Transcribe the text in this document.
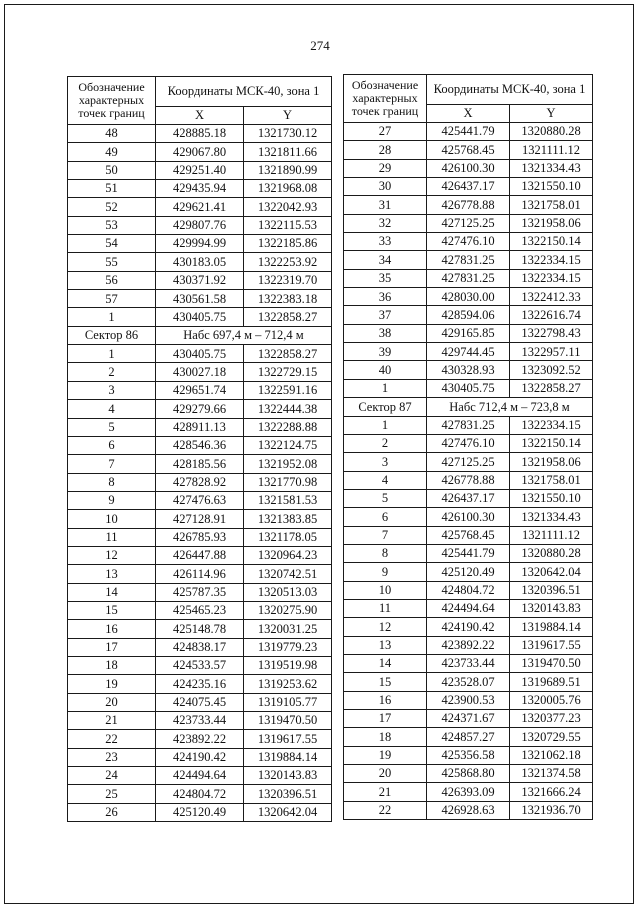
274
Обозначение характерных точек границ	Координаты МСК-40, зона 1	
	X	Y
48	428885.18	1321730.12
49	429067.80	1321811.66
50	429251.40	1321890.99
51	429435.94	1321968.08
52	429621.41	1322042.93
53	429807.76	1322115.53
54	429994.99	1322185.86
55	430183.05	1322253.92
56	430371.92	1322319.70
57	430561.58	1322383.18
1	430405.75	1322858.27
Сектор 86	Набс 697,4 м – 712,4 м	
1	430405.75	1322858.27
2	430027.18	1322729.15
3	429651.74	1322591.16
4	429279.66	1322444.38
5	428911.13	1322288.88
6	428546.36	1322124.75
7	428185.56	1321952.08
8	427828.92	1321770.98
9	427476.63	1321581.53
10	427128.91	1321383.85
11	426785.93	1321178.05
12	426447.88	1320964.23
13	426114.96	1320742.51
14	425787.35	1320513.03
15	425465.23	1320275.90
16	425148.78	1320031.25
17	424838.17	1319779.23
18	424533.57	1319519.98
19	424235.16	1319253.62
20	424075.45	1319105.77
21	423733.44	1319470.50
22	423892.22	1319617.55
23	424190.42	1319884.14
24	424494.64	1320143.83
25	424804.72	1320396.51
26	425120.49	1320642.04
Обозначение характерных точек границ	Координаты МСК-40, зона 1	
	X	Y
27	425441.79	1320880.28
28	425768.45	1321111.12
29	426100.30	1321334.43
30	426437.17	1321550.10
31	426778.88	1321758.01
32	427125.25	1321958.06
33	427476.10	1322150.14
34	427831.25	1322334.15
35	427831.25	1322334.15
36	428030.00	1322412.33
37	428594.06	1322616.74
38	429165.85	1322798.43
39	429744.45	1322957.11
40	430328.93	1323092.52
1	430405.75	1322858.27
Сектор 87	Набс 712,4 м – 723,8 м	
1	427831.25	1322334.15
2	427476.10	1322150.14
3	427125.25	1321958.06
4	426778.88	1321758.01
5	426437.17	1321550.10
6	426100.30	1321334.43
7	425768.45	1321111.12
8	425441.79	1320880.28
9	425120.49	1320642.04
10	424804.72	1320396.51
11	424494.64	1320143.83
12	424190.42	1319884.14
13	423892.22	1319617.55
14	423733.44	1319470.50
15	423528.07	1319689.51
16	423900.53	1320005.76
17	424371.67	1320377.23
18	424857.27	1320729.55
19	425356.58	1321062.18
20	425868.80	1321374.58
21	426393.09	1321666.24
22	426928.63	1321936.70
